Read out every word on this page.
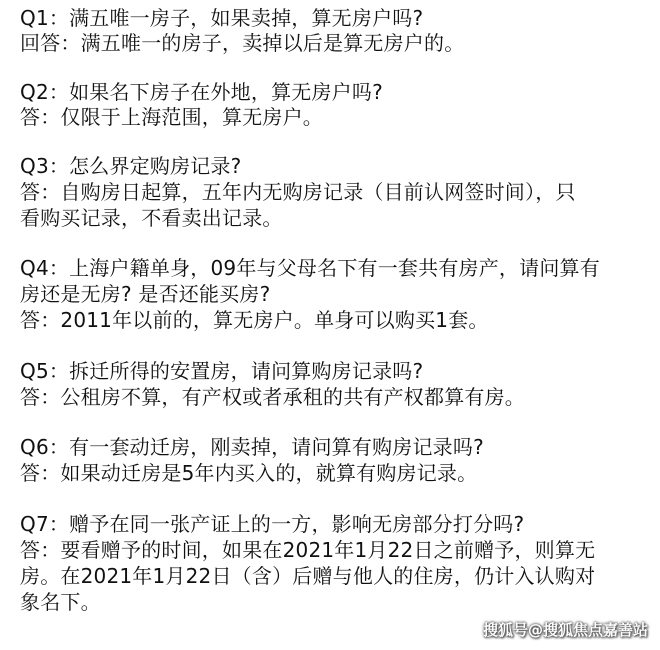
Q1：满五唯一房子，如果卖掉，算无房户吗?

回答：满五唯一的房子，卖掉以后是算无房户的。

Q2：如果名下房子在外地，算无房户吗?

答：仅限于上海范围，算无房户。

Q3：怎么界定购房记录?

答：自购房日起算，五年内无购房记录（目前认网签时间），只

看购买记录，不看卖出记录。

Q4：上海户籍单身，09年与父母名下有一套共有房产，请问算有

房还是无房? 是否还能买房?

答：2011年以前的，算无房户。单身可以购买1套。

Q5：拆迁所得的安置房，请问算购房记录吗?

答：公租房不算，有产权或者承租的共有产权都算有房。

Q6：有一套动迁房，刚卖掉，请问算有购房记录吗?

答：如果动迁房是5年内买入的，就算有购房记录。

Q7：赠予在同一张产证上的一方，影响无房部分打分吗?

答：要看赠予的时间，如果在2021年1月22日之前赠予，则算无

房。在2021年1月22日（含）后赠与他人的住房，仍计入认购对

象名下。

搜狐号@搜狐焦点嘉善站
